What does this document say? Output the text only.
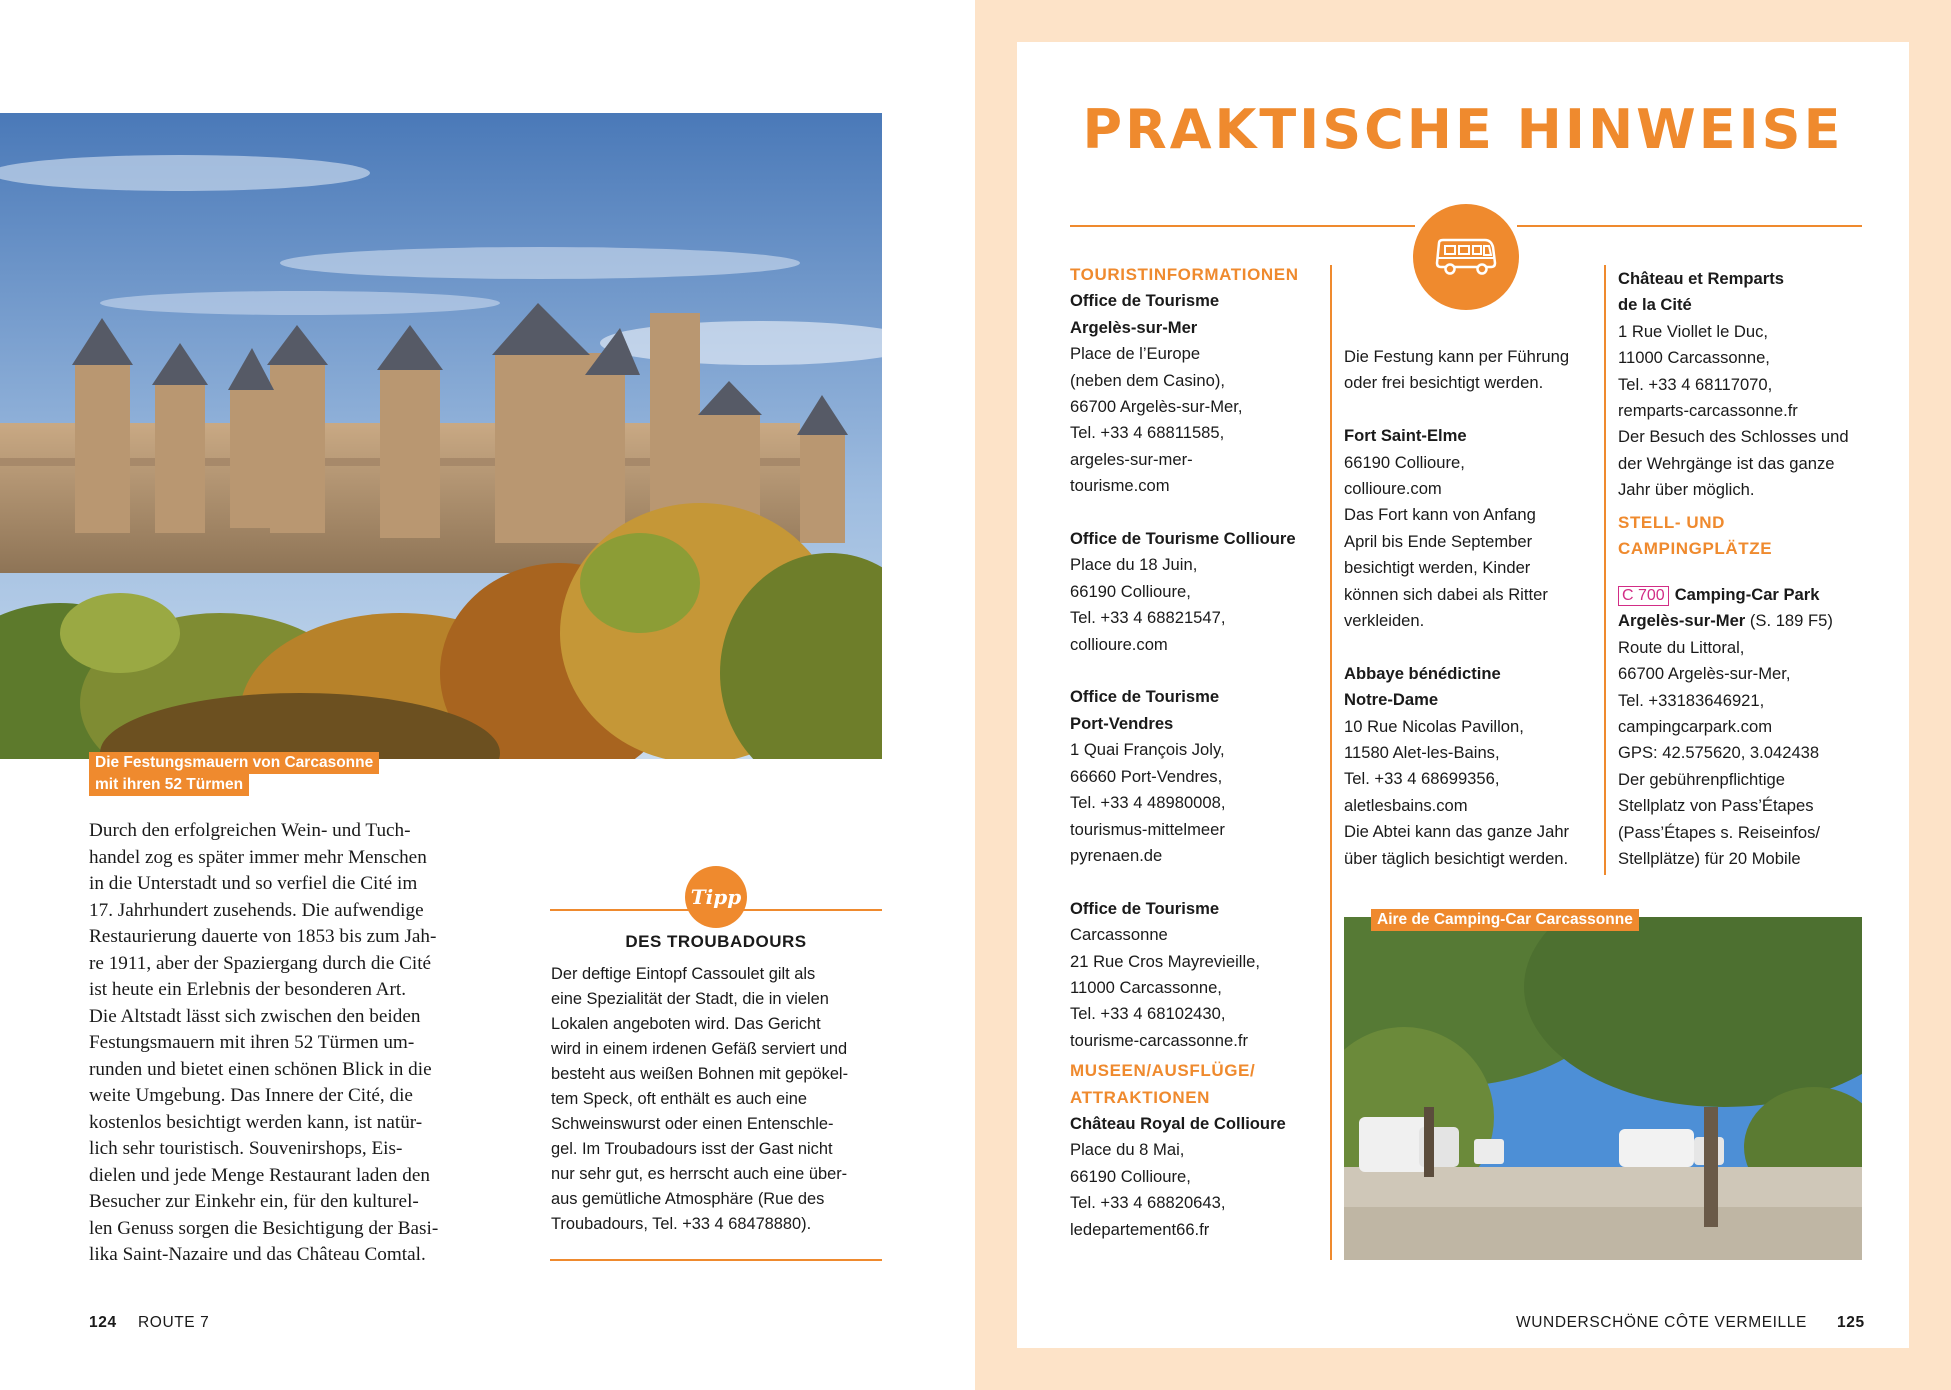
Die Festungsmauern von Carcasonne
mit ihren 52 Türmen
Durch den erfolgreichen Wein- und Tuch-
handel zog es später immer mehr Menschen
in die Unterstadt und so verfiel die Cité im
17. Jahrhundert zusehends. Die aufwendige
Restaurierung dauerte von 1853 bis zum Jah-
re 1911, aber der Spaziergang durch die Cité
ist heute ein Erlebnis der besonderen Art.
Die Altstadt lässt sich zwischen den beiden
Festungsmauern mit ihren 52 Türmen um-
runden und bietet einen schönen Blick in die
weite Umgebung. Das Innere der Cité, die
kostenlos besichtigt werden kann, ist natür-
lich sehr touristisch. Souvenirshops, Eis-
dielen und jede Menge Restaurant laden den
Besucher zur Einkehr ein, für den kulturel-
len Genuss sorgen die Besichtigung der Basi-
lika Saint-Nazaire und das Château Comtal.
Tipp
DES TROUBADOURS
Der deftige Eintopf Cassoulet gilt als
eine Spezialität der Stadt, die in vielen
Lokalen angeboten wird. Das Gericht
wird in einem irdenen Gefäß serviert und
besteht aus weißen Bohnen mit gepökel-
tem Speck, oft enthält es auch eine
Schweinswurst oder einen Entenschle-
gel. Im Troubadours isst der Gast nicht
nur sehr gut, es herrscht auch eine über-
aus gemütliche Atmosphäre (Rue des
Troubadours, Tel. +33 4 68478880).
124 ROUTE 7
PRAKTISCHE HINWEISE
TOURISTINFORMATIONEN
Office de Tourisme
Argelès-sur-Mer
Place de l’Europe
(neben dem Casino),
66700 Argelès-sur-Mer,
Tel. +33 4 68811585,
argeles-sur-mer-
tourisme.com
Office de Tourisme Collioure
Place du 18 Juin,
66190 Collioure,
Tel. +33 4 68821547,
collioure.com
Office de Tourisme
Port-Vendres
1 Quai François Joly,
66660 Port-Vendres,
Tel. +33 4 48980008,
tourismus-mittelmeer
pyrenaen.de
Office de Tourisme
Carcassonne
21 Rue Cros Mayrevieille,
11000 Carcassonne,
Tel. +33 4 68102430,
tourisme-carcassonne.fr
MUSEEN/AUSFLÜGE/
ATTRAKTIONEN
Château Royal de Collioure
Place du 8 Mai,
66190 Collioure,
Tel. +33 4 68820643,
ledepartement66.fr
Die Festung kann per Führung
oder frei besichtigt werden.
Fort Saint-Elme
66190 Collioure,
collioure.com
Das Fort kann von Anfang
April bis Ende September
besichtigt werden, Kinder
können sich dabei als Ritter
verkleiden.
Abbaye bénédictine
Notre-Dame
10 Rue Nicolas Pavillon,
11580 Alet-les-Bains,
Tel. +33 4 68699356,
aletlesbains.com
Die Abtei kann das ganze Jahr
über täglich besichtigt werden.
Château et Remparts
de la Cité
1 Rue Viollet le Duc,
11000 Carcassonne,
Tel. +33 4 68117070,
remparts-carcassonne.fr
Der Besuch des Schlosses und
der Wehrgänge ist das ganze
Jahr über möglich.
STELL- UND
CAMPINGPLÄTZE
C 700 Camping-Car Park
Argelès-sur-Mer (S. 189 F5)
Route du Littoral,
66700 Argelès-sur-Mer,
Tel. +33183646921,
campingcarpark.com
GPS: 42.575620, 3.042438
Der gebührenpflichtige
Stellplatz von Pass’Étapes
(Pass’Étapes s. Reiseinfos/
Stellplätze) für 20 Mobile
Aire de Camping-Car Carcassonne
WUNDERSCHÖNE CÔTE VERMEILLE 125
